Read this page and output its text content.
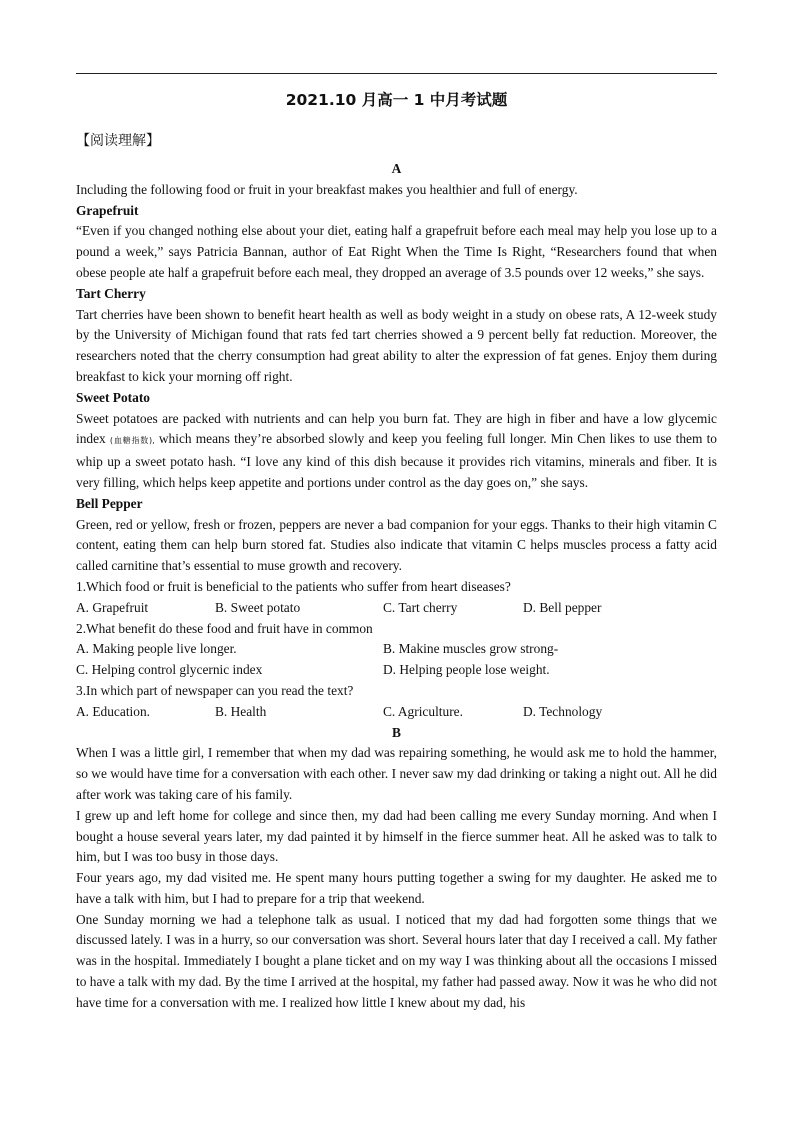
2021.10 月高一 1 中月考试题
【阅读理解】
A
Including the following food or fruit in your breakfast makes you healthier and full of energy.
Grapefruit
“Even if you changed nothing else about your diet, eating half a grapefruit before each meal may help you lose up to a pound a week,” says Patricia Bannan, author of Eat Right When the Time Is Right, “Researchers found that when obese people ate half a grapefruit before each meal, they dropped an average of 3.5 pounds over 12 weeks,” she says.
Tart Cherry
Tart cherries have been shown to benefit heart health as well as body weight in a study on obese rats, A 12-week study by the University of Michigan found that rats fed tart cherries showed a 9 percent belly fat reduction. Moreover, the researchers noted that the cherry consumption had great ability to alter the expression of fat genes. Enjoy them during breakfast to kick your morning off right.
Sweet Potato
Sweet potatoes are packed with nutrients and can help you burn fat. They are high in fiber and have a low glycemic index (血糖指数), which means they’re absorbed slowly and keep you feeling full longer. Min Chen likes to use them to whip up a sweet potato hash. “I love any kind of this dish because it provides rich vitamins, minerals and fiber. It is very filling, which helps keep appetite and portions under control as the day goes on,” she says.
Bell Pepper
Green, red or yellow, fresh or frozen, peppers are never a bad companion for your eggs. Thanks to their high vitamin C content, eating them can help burn stored fat. Studies also indicate that vitamin C helps muscles process a fatty acid called carnitine that’s essential to muse growth and recovery.
1.Which food or fruit is beneficial to the patients who suffer from heart diseases?
A. Grapefruit	B. Sweet potato	C. Tart cherry	D. Bell pepper
2.What benefit do these food and fruit have in common
A. Making people live longer.	B. Makine muscles grow strong-
C. Helping control glycernic index	D. Helping people lose weight.
3.In which part of newspaper can you read the text?
A. Education.	B. Health	C. Agriculture.	D. Technology
B
When I was a little girl, I remember that when my dad was repairing something, he would ask me to hold the hammer, so we would have time for a conversation with each other. I never saw my dad drinking or taking a night out. All he did after work was taking care of his family.
I grew up and left home for college and since then, my dad had been calling me every Sunday morning. And when I bought a house several years later, my dad painted it by himself in the fierce summer heat. All he asked was to talk to him, but I was too busy in those days.
Four years ago, my dad visited me. He spent many hours putting together a swing for my daughter. He asked me to have a talk with him, but I had to prepare for a trip that weekend.
One Sunday morning we had a telephone talk as usual. I noticed that my dad had forgotten some things that we discussed lately. I was in a hurry, so our conversation was short. Several hours later that day I received a call. My father was in the hospital. Immediately I bought a plane ticket and on my way I was thinking about all the occasions I missed to have a talk with my dad. By the time I arrived at the hospital, my father had passed away. Now it was he who did not have time for a conversation with me. I realized how little I knew about my dad, his
